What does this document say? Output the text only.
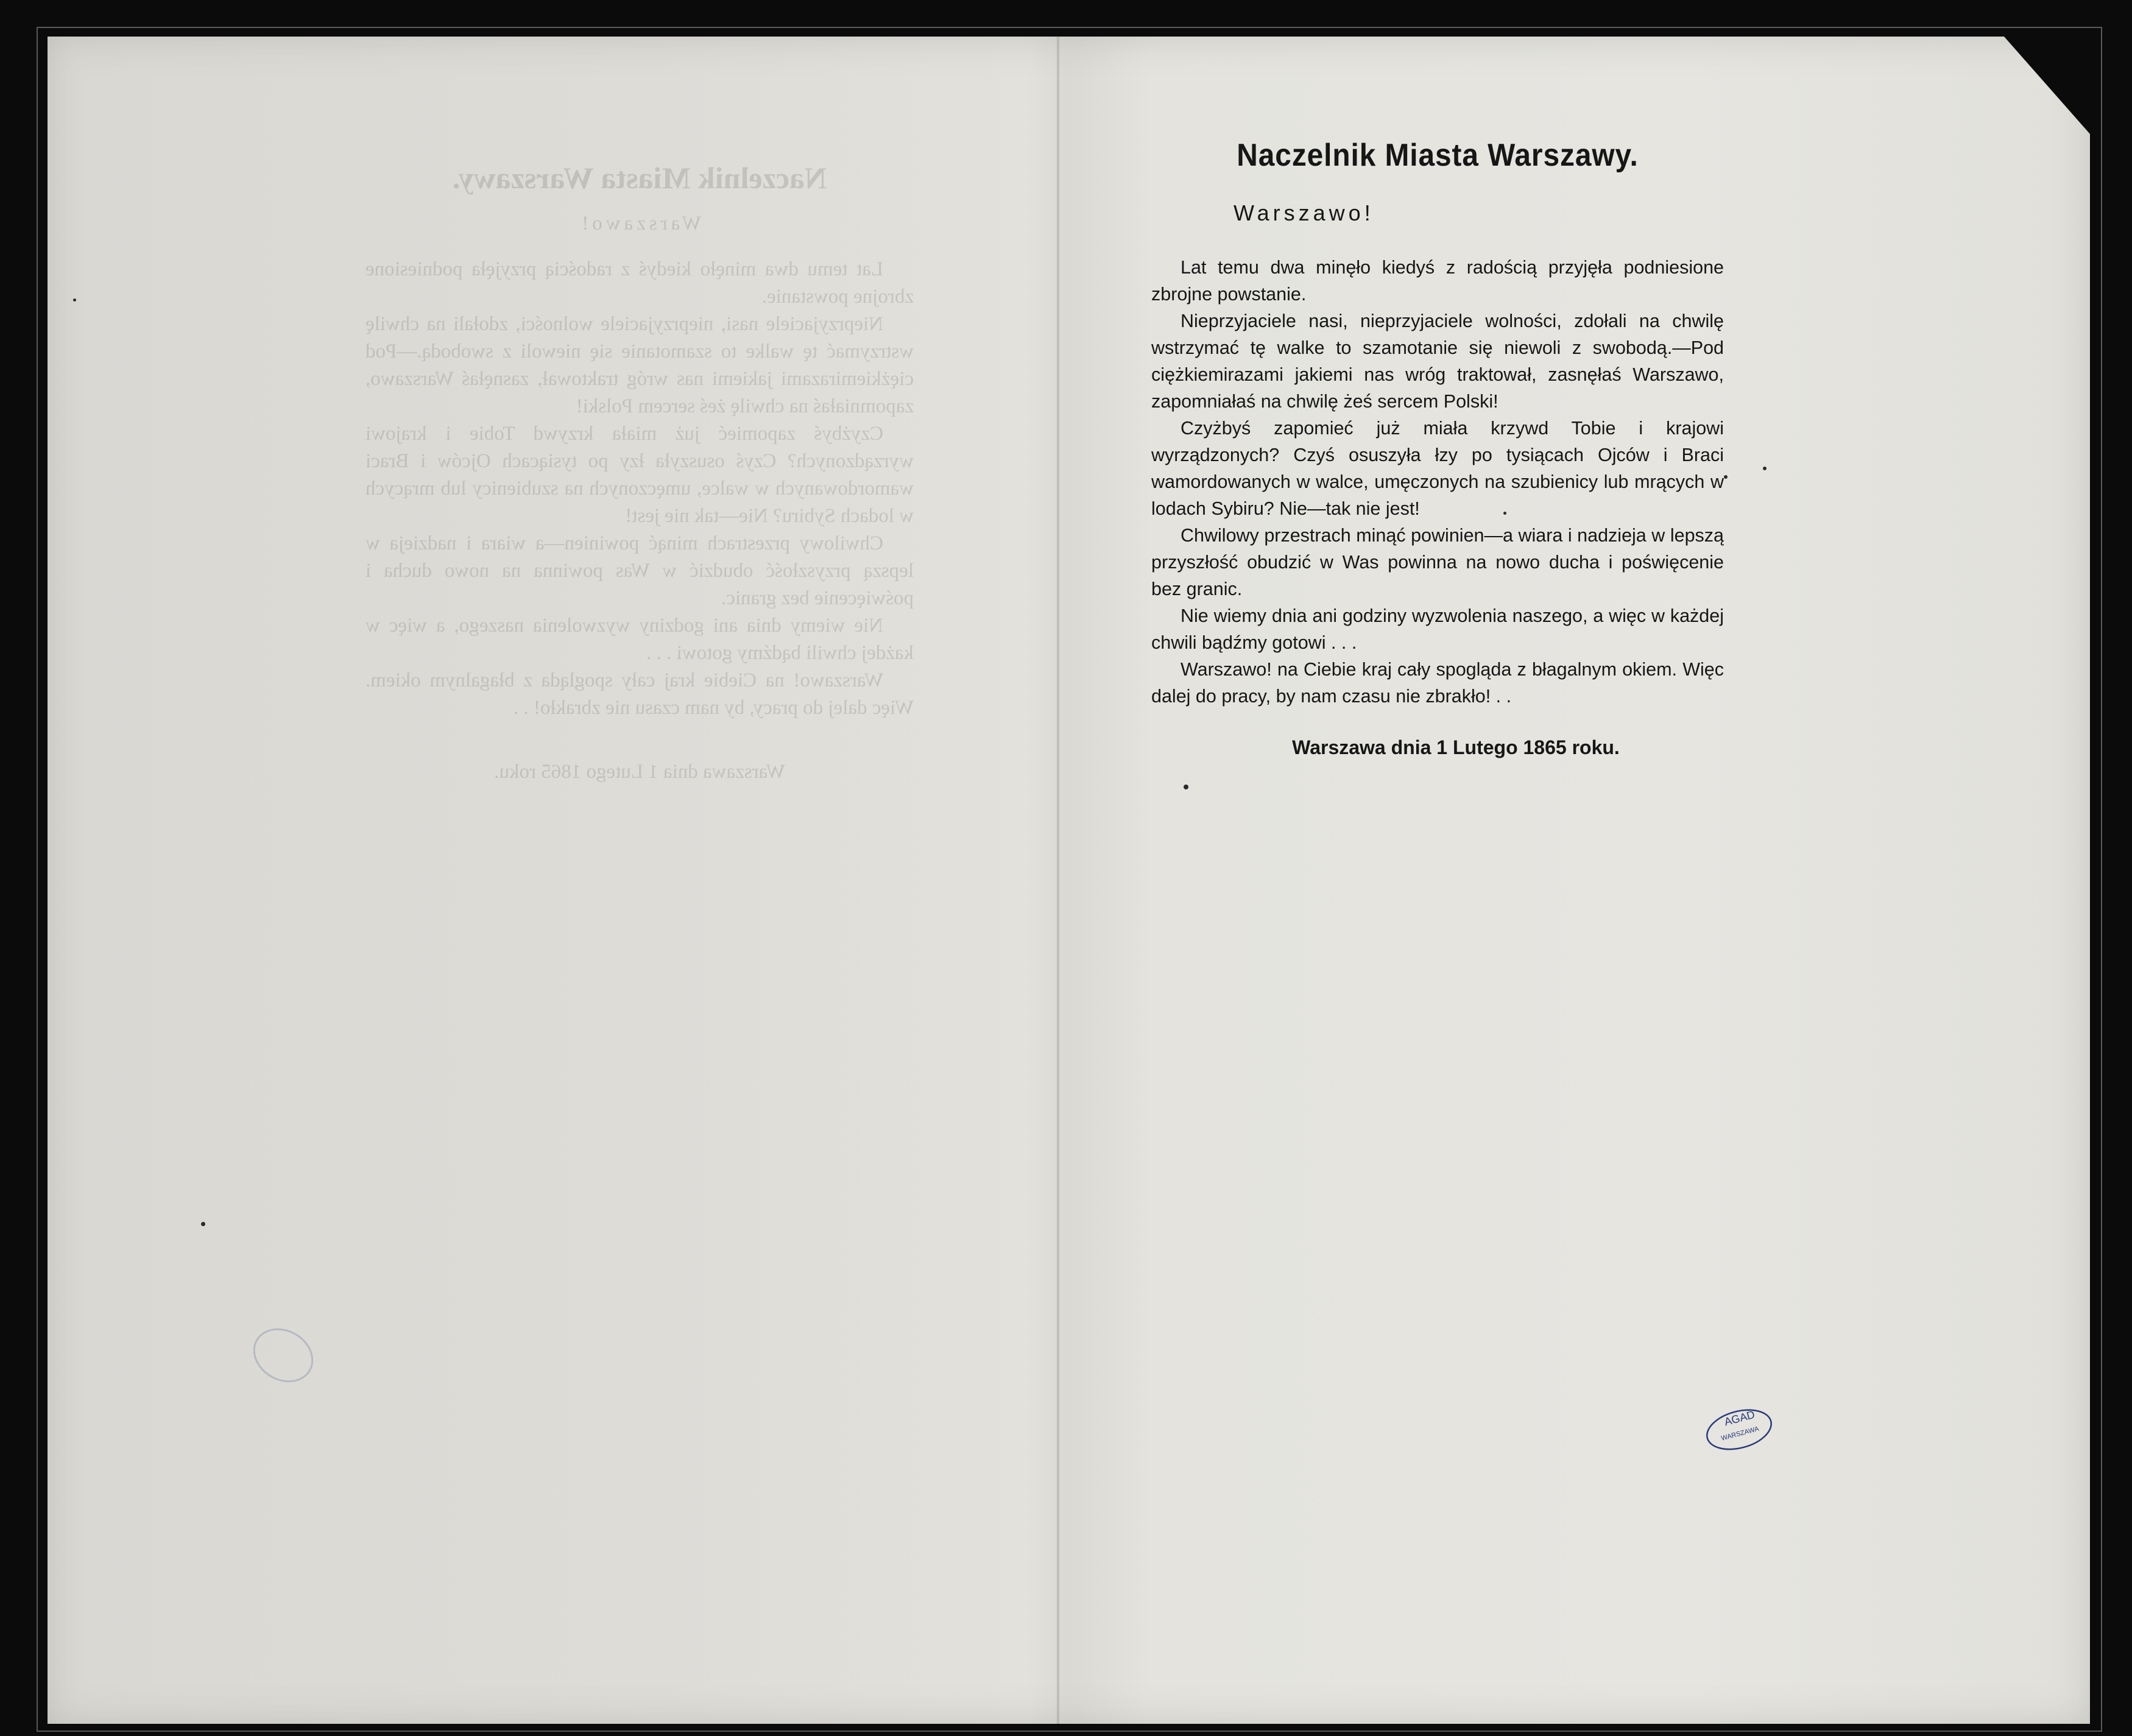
Naczelnik Miasta Warszawy.
Warszawo!

Lat temu dwa minęło kiedyś z radością przyjęła podniesione zbrojne powstanie.

Nieprzyjaciele nasi, nieprzyjaciele wolności, zdołali na chwilę wstrzymać tę walke to szamotanie się niewoli z swobodą.—Pod ciężkiemirazami jakiemi nas wróg traktował, zasnęłaś Warszawo, zapomniałaś na chwilę żeś sercem Polski!

Czyżbyś zapomieć już miała krzywd Tobie i krajowi wyrządzonych? Czyś osuszyła łzy po tysiącach Ojców i Braci wamordowanych w walce, umęczonych na szubienicy lub mrących w lodach Sybiru? Nie—tak nie jest!

Chwilowy przestrach minąć powinien—a wiara i nadzieja w lepszą przyszłość obudzić w Was powinna na nowo ducha i poświęcenie bez granic.

Nie wiemy dnia ani godziny wyzwolenia naszego, a więc w każdej chwili bądźmy gotowi . . .

Warszawo! na Ciebie kraj cały spogląda z błagalnym okiem. Więc dalej do pracy, by nam czasu nie zbrakło! . .

Warszawa dnia 1 Lutego 1865 roku.
Naczelnik Miasta Warszawy.
Warszawo!

Lat temu dwa minęło kiedyś z radością przyjęła podniesione zbrojne powstanie.

Nieprzyjaciele nasi, nieprzyjaciele wolności, zdołali na chwilę wstrzymać tę walke to szamotanie się niewoli z swobodą.—Pod ciężkiemirazami jakiemi nas wróg traktował, zasnęłaś Warszawo, zapomniałaś na chwilę żeś sercem Polski!

Czyżbyś zapomieć już miała krzywd Tobie i krajowi wyrządzonych? Czyś osuszyła łzy po tysiącach Ojców i Braci wamordowanych w walce, umęczonych na szubienicy lub mrących w lodach Sybiru? Nie—tak nie jest!

Chwilowy przestrach minąć powinien—a wiara i nadzieja w lepszą przyszłość obudzić w Was powinna na nowo ducha i poświęcenie bez granic.

Nie wiemy dnia ani godziny wyzwolenia naszego, a więc w każdej chwili bądźmy gotowi . . .

Warszawo! na Ciebie kraj cały spogląda z błagalnym okiem. Więc dalej do pracy, by nam czasu nie zbrakło! . .

Warszawa dnia 1 Lutego 1865 roku.
AGAD
WARSZAWA
